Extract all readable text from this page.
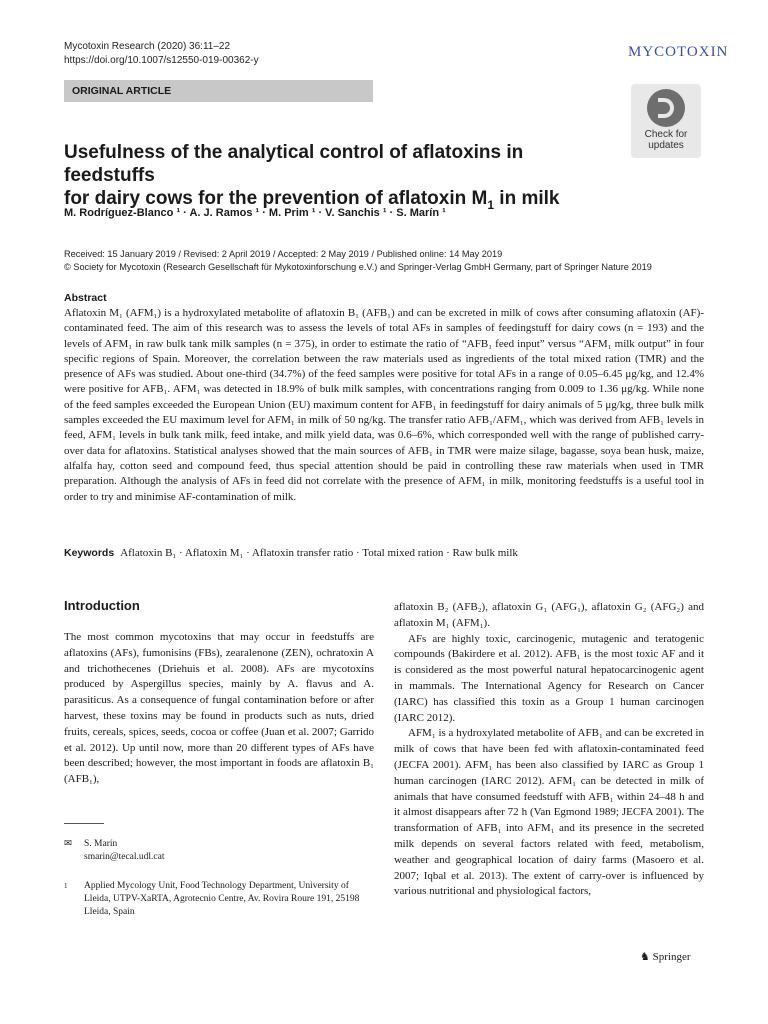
Mycotoxin Research (2020) 36:11–22
https://doi.org/10.1007/s12550-019-00362-y
MYCOTOXIN
ORIGINAL ARTICLE
Check for
updates
Usefulness of the analytical control of aflatoxins in feedstuffs
for dairy cows for the prevention of aflatoxin $M_1$ in milk
M. Rodríguez-Blanco ¹ · A. J. Ramos ¹ · M. Prim ¹ · V. Sanchis ¹ · S. Marín ¹
Received: 15 January 2019 / Revised: 2 April 2019 / Accepted: 2 May 2019 / Published online: 14 May 2019
© Society for Mycotoxin (Research Gesellschaft für Mykotoxinforschung e.V.) and Springer-Verlag GmbH Germany, part of Springer Nature 2019
Abstract
Aflatoxin M₁ (AFM₁) is a hydroxylated metabolite of aflatoxin B₁ (AFB₁) and can be excreted in milk of cows after consuming aflatoxin (AF)-contaminated feed. The aim of this research was to assess the levels of total AFs in samples of feedingstuff for dairy cows (n = 193) and the levels of AFM₁ in raw bulk tank milk samples (n = 375), in order to estimate the ratio of “AFB₁ feed input” versus “AFM₁ milk output” in four specific regions of Spain. Moreover, the correlation between the raw materials used as ingredients of the total mixed ration (TMR) and the presence of AFs was studied. About one-third (34.7%) of the feed samples were positive for total AFs in a range of 0.05–6.45 μg/kg, and 12.4% were positive for AFB₁. AFM₁ was detected in 18.9% of bulk milk samples, with concentrations ranging from 0.009 to 1.36 μg/kg. While none of the feed samples exceeded the European Union (EU) maximum content for AFB₁ in feedingstuff for dairy animals of 5 μg/kg, three bulk milk samples exceeded the EU maximum level for AFM₁ in milk of 50 ng/kg. The transfer ratio AFB₁/AFM₁, which was derived from AFB₁ levels in feed, AFM₁ levels in bulk tank milk, feed intake, and milk yield data, was 0.6–6%, which corresponded well with the range of published carry-over data for aflatoxins. Statistical analyses showed that the main sources of AFB₁ in TMR were maize silage, bagasse, soya bean husk, maize, alfalfa hay, cotton seed and compound feed, thus special attention should be paid in controlling these raw materials when used in TMR preparation. Although the analysis of AFs in feed did not correlate with the presence of AFM₁ in milk, monitoring feedstuffs is a useful tool in order to try and minimise AF-contamination of milk.
Keywords Aflatoxin B₁ · Aflatoxin M₁ · Aflatoxin transfer ratio · Total mixed ration · Raw bulk milk
Introduction

The most common mycotoxins that may occur in feedstuffs are aflatoxins (AFs), fumonisins (FBs), zearalenone (ZEN), ochratoxin A and trichothecenes (Driehuis et al. 2008). AFs are mycotoxins produced by Aspergillus species, mainly by A. flavus and A. parasiticus. As a consequence of fungal contamination before or after harvest, these toxins may be found in products such as nuts, dried fruits, cereals, spices, seeds, cocoa or coffee (Juan et al. 2007; Garrido et al. 2012). Up until now, more than 20 different types of AFs have been described; however, the most important in foods are aflatoxin B₁ (AFB₁),

aflatoxin B₂ (AFB₂), aflatoxin G₁ (AFG₁), aflatoxin G₂ (AFG₂) and aflatoxin M₁ (AFM₁).

AFs are highly toxic, carcinogenic, mutagenic and teratogenic compounds (Bakirdere et al. 2012). AFB₁ is the most toxic AF and it is considered as the most powerful natural hepatocarcinogenic agent in mammals. The International Agency for Research on Cancer (IARC) has classified this toxin as a Group 1 human carcinogen (IARC 2012).

AFM₁ is a hydroxylated metabolite of AFB₁ and can be excreted in milk of cows that have been fed with aflatoxin-contaminated feed (JECFA 2001). AFM₁ has been also classified by IARC as Group 1 human carcinogen (IARC 2012). AFM₁ can be detected in milk of animals that have consumed feedstuff with AFB₁ within 24–48 h and it almost disappears after 72 h (Van Egmond 1989; JECFA 2001). The transformation of AFB₁ into AFM₁ and its presence in the secreted milk depends on several factors related with feed, metabolism, weather and geographical location of dairy farms (Masoero et al. 2007; Iqbal et al. 2013). The extent of carry-over is influenced by various nutritional and physiological factors,

✉ S. Marín
smarin@tecal.udl.cat
1 Applied Mycology Unit, Food Technology Department, University of Lleida, UTPV-XaRTA, Agrotecnio Centre, Av. Rovira Roure 191, 25198 Lleida, Spain
♞ Springer
